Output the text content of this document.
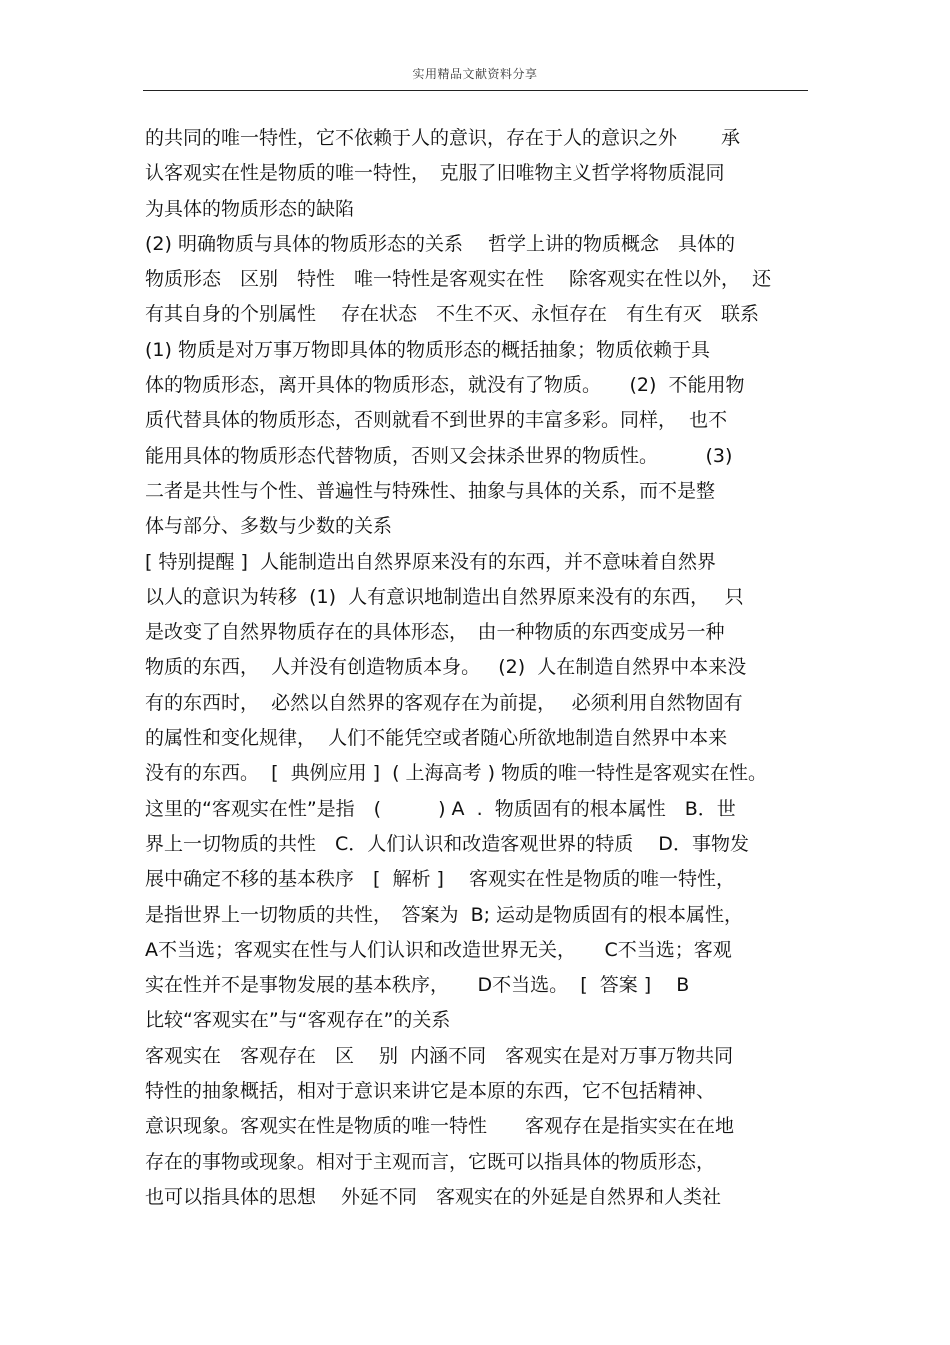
实用精品文献资料分享
的共同的唯一特性，它不依赖于人的意识，存在于人的意识之外　　 承
认客观实在性是物质的唯一特性，　克服了旧唯物主义哲学将物质混同
为具体的物质形态的缺陷
(2) 明确物质与具体的物质形态的关系　 哲学上讲的物质概念　具体的
物质形态　区别　特性　唯一特性是客观实在性　 除客观实在性以外，  还
有其自身的个别属性　 存在状态　不生不灭、永恒存在　有生有灭　联系
(1) 物质是对万事万物即具体的物质形态的概括抽象；物质依赖于具
体的物质形态，离开具体的物质形态，就没有了物质。　　(2)  不能用物
质代替具体的物质形态，否则就看不到世界的丰富多彩。同样，  也不
能用具体的物质形态代替物质，否则又会抹杀世界的物质性。　　　(3)
二者是共性与个性、普遍性与特殊性、抽象与具体的关系，而不是整
体与部分、多数与少数的关系
[ 特别提醒 ]  人能制造出自然界原来没有的东西，并不意味着自然界
以人的意识为转移  (1)  人有意识地制造出自然界原来没有的东西，　 只
是改变了自然界物质存在的具体形态，　由一种物质的东西变成另一种
物质的东西，  人并没有创造物质本身。   (2)  人在制造自然界中本来没
有的东西时，  必然以自然界的客观存在为前提，　 必须利用自然物固有
的属性和变化规律，  人们不能凭空或者随心所欲地制造自然界中本来
没有的东西。  [  典例应用 ]  ( 上海高考 ) 物质的唯一特性是客观实在性。
这里的“客观实在性”是指　(　　　) A  .  物质固有的根本属性　B．世
界上一切物质的共性　C．人们认识和改造客观世界的特质　 D．事物发
展中确定不移的基本秩序　[  解析 ]　 客观实在性是物质的唯一特性，
是指世界上一切物质的共性，　答案为  B; 运动是物质固有的根本属性，
A不当选；客观实在性与人们认识和改造世界无关，　　C不当选；客观
实在性并不是事物发展的基本秩序，　　D不当选。  [  答案 ]　 B
比较“客观实在”与“客观存在”的关系
客观实在　客观存在　区　 别  内涵不同　客观实在是对万事万物共同
特性的抽象概括，相对于意识来讲它是本原的东西，它不包括精神、
意识现象。客观实在性是物质的唯一特性　　客观存在是指实实在在地
存在的事物或现象。相对于主观而言，它既可以指具体的物质形态，
也可以指具体的思想　 外延不同　客观实在的外延是自然界和人类社
